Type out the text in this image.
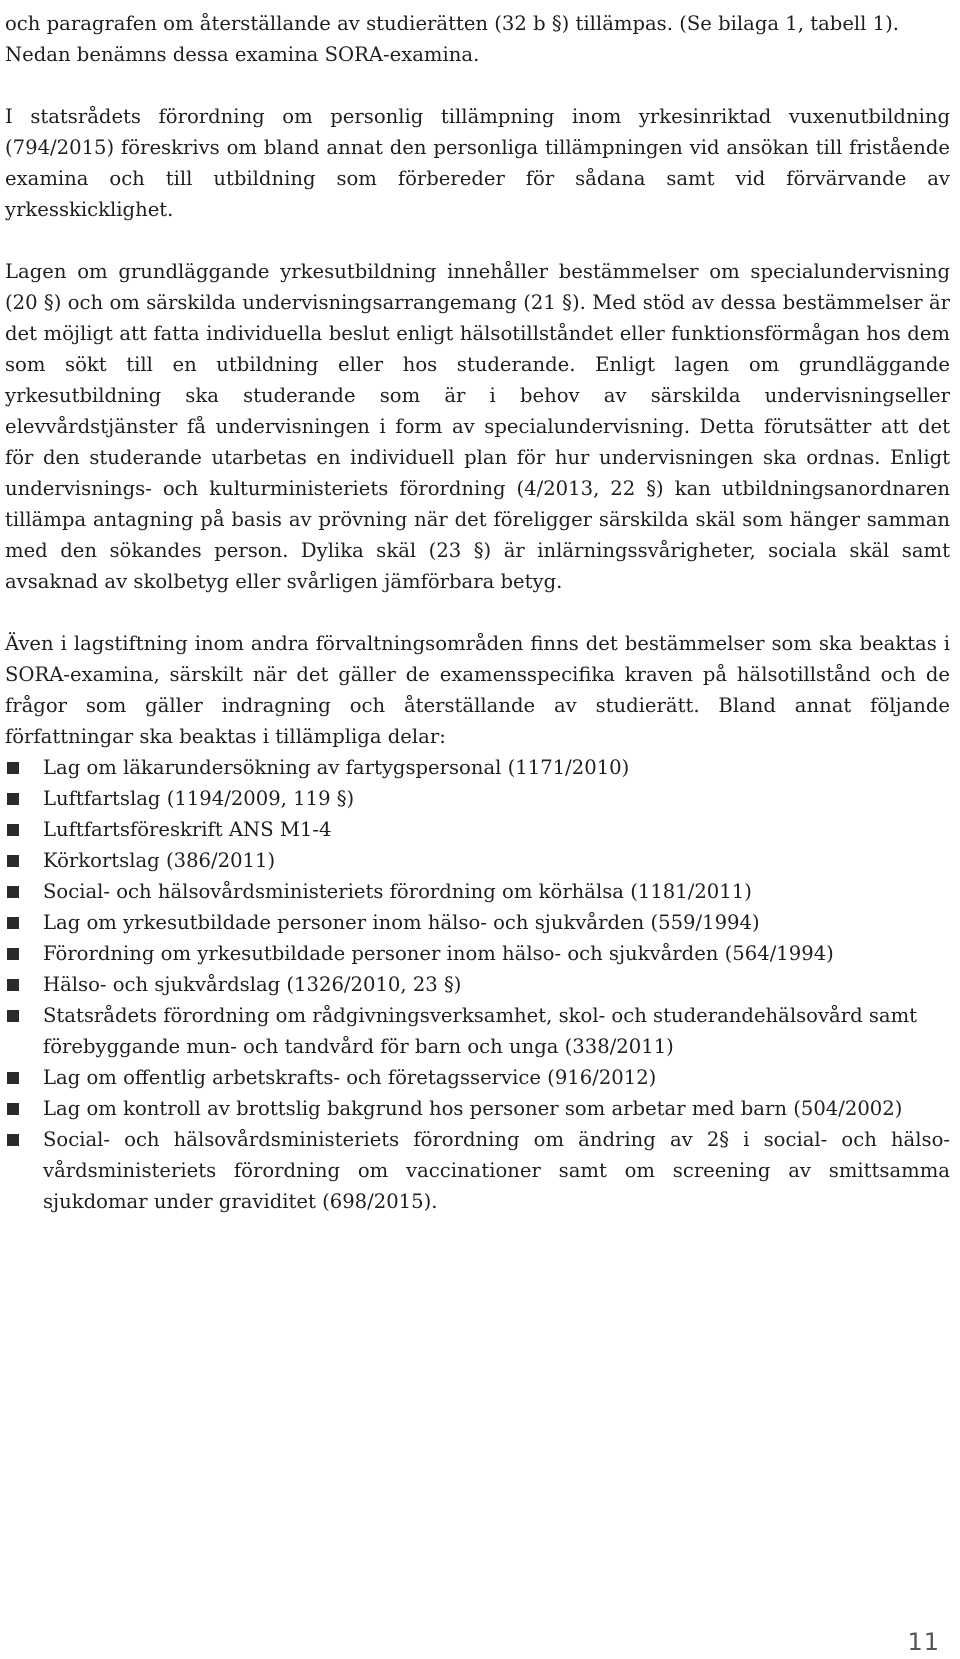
och paragrafen om återställande av studierätten (32 b §) tillämpas. (Se bilaga 1, tabell 1).
Nedan benämns dessa examina SORA-examina.

I statsrådets förordning om personlig tillämpning inom yrkesinriktad vuxenutbildning (794/2015) föreskrivs om bland annat den personliga tillämpningen vid ansökan till fristående examina och till utbildning som förbereder för sådana samt vid förvärvande av yrkesskicklighet.

Lagen om grundläggande yrkesutbildning innehåller bestämmelser om specialundervisning (20 §) och om särskilda undervisningsarrangemang (21 §). Med stöd av dessa bestämmelser är det möjligt att fatta individuella beslut enligt hälsotillståndet eller funktionsförmågan hos dem som sökt till en utbildning eller hos studerande. Enligt lagen om grundläggande yrkesutbildning ska studerande som är i behov av särskilda undervisningseller elevvårdstjänster få undervisningen i form av specialundervisning. Detta förutsätter att det för den studerande utarbetas en individuell plan för hur undervisningen ska ordnas. Enligt undervisnings- och kulturministeriets förordning (4/2013, 22 §) kan utbildningsanordnaren tillämpa antagning på basis av prövning när det föreligger särskilda skäl som hänger samman med den sökandes person. Dylika skäl (23 §) är inlärningssvårigheter, sociala skäl samt avsaknad av skolbetyg eller svårligen jämförbara betyg.

Även i lagstiftning inom andra förvaltningsområden finns det bestämmelser som ska beaktas i SORA-examina, särskilt när det gäller de examensspecifika kraven på hälsotillstånd och de frågor som gäller indragning och återställande av studierätt. Bland annat följande författningar ska beaktas i tillämpliga delar:

Lag om läkarundersökning av fartygspersonal (1171/2010)
Luftfartslag (1194/2009, 119 §)
Luftfartsföreskrift ANS M1-4
Körkortslag (386/2011)
Social- och hälsovårdsministeriets förordning om körhälsa (1181/2011)
Lag om yrkesutbildade personer inom hälso- och sjukvården (559/1994)
Förordning om yrkesutbildade personer inom hälso- och sjukvården (564/1994)
Hälso- och sjukvårdslag (1326/2010, 23 §)
Statsrådets förordning om rådgivningsverksamhet, skol- och studerandehälsovård samt förebyggande mun- och tandvård för barn och unga (338/2011)
Lag om offentlig arbetskrafts- och företagsservice (916/2012)
Lag om kontroll av brottslig bakgrund hos personer som arbetar med barn (504/2002)
Social- och hälsovårdsministeriets förordning om ändring av 2§ i social- och hälsovårdsministeriets förordning om vaccinationer samt om screening av smittsamma sjukdomar under graviditet (698/2015).
11
